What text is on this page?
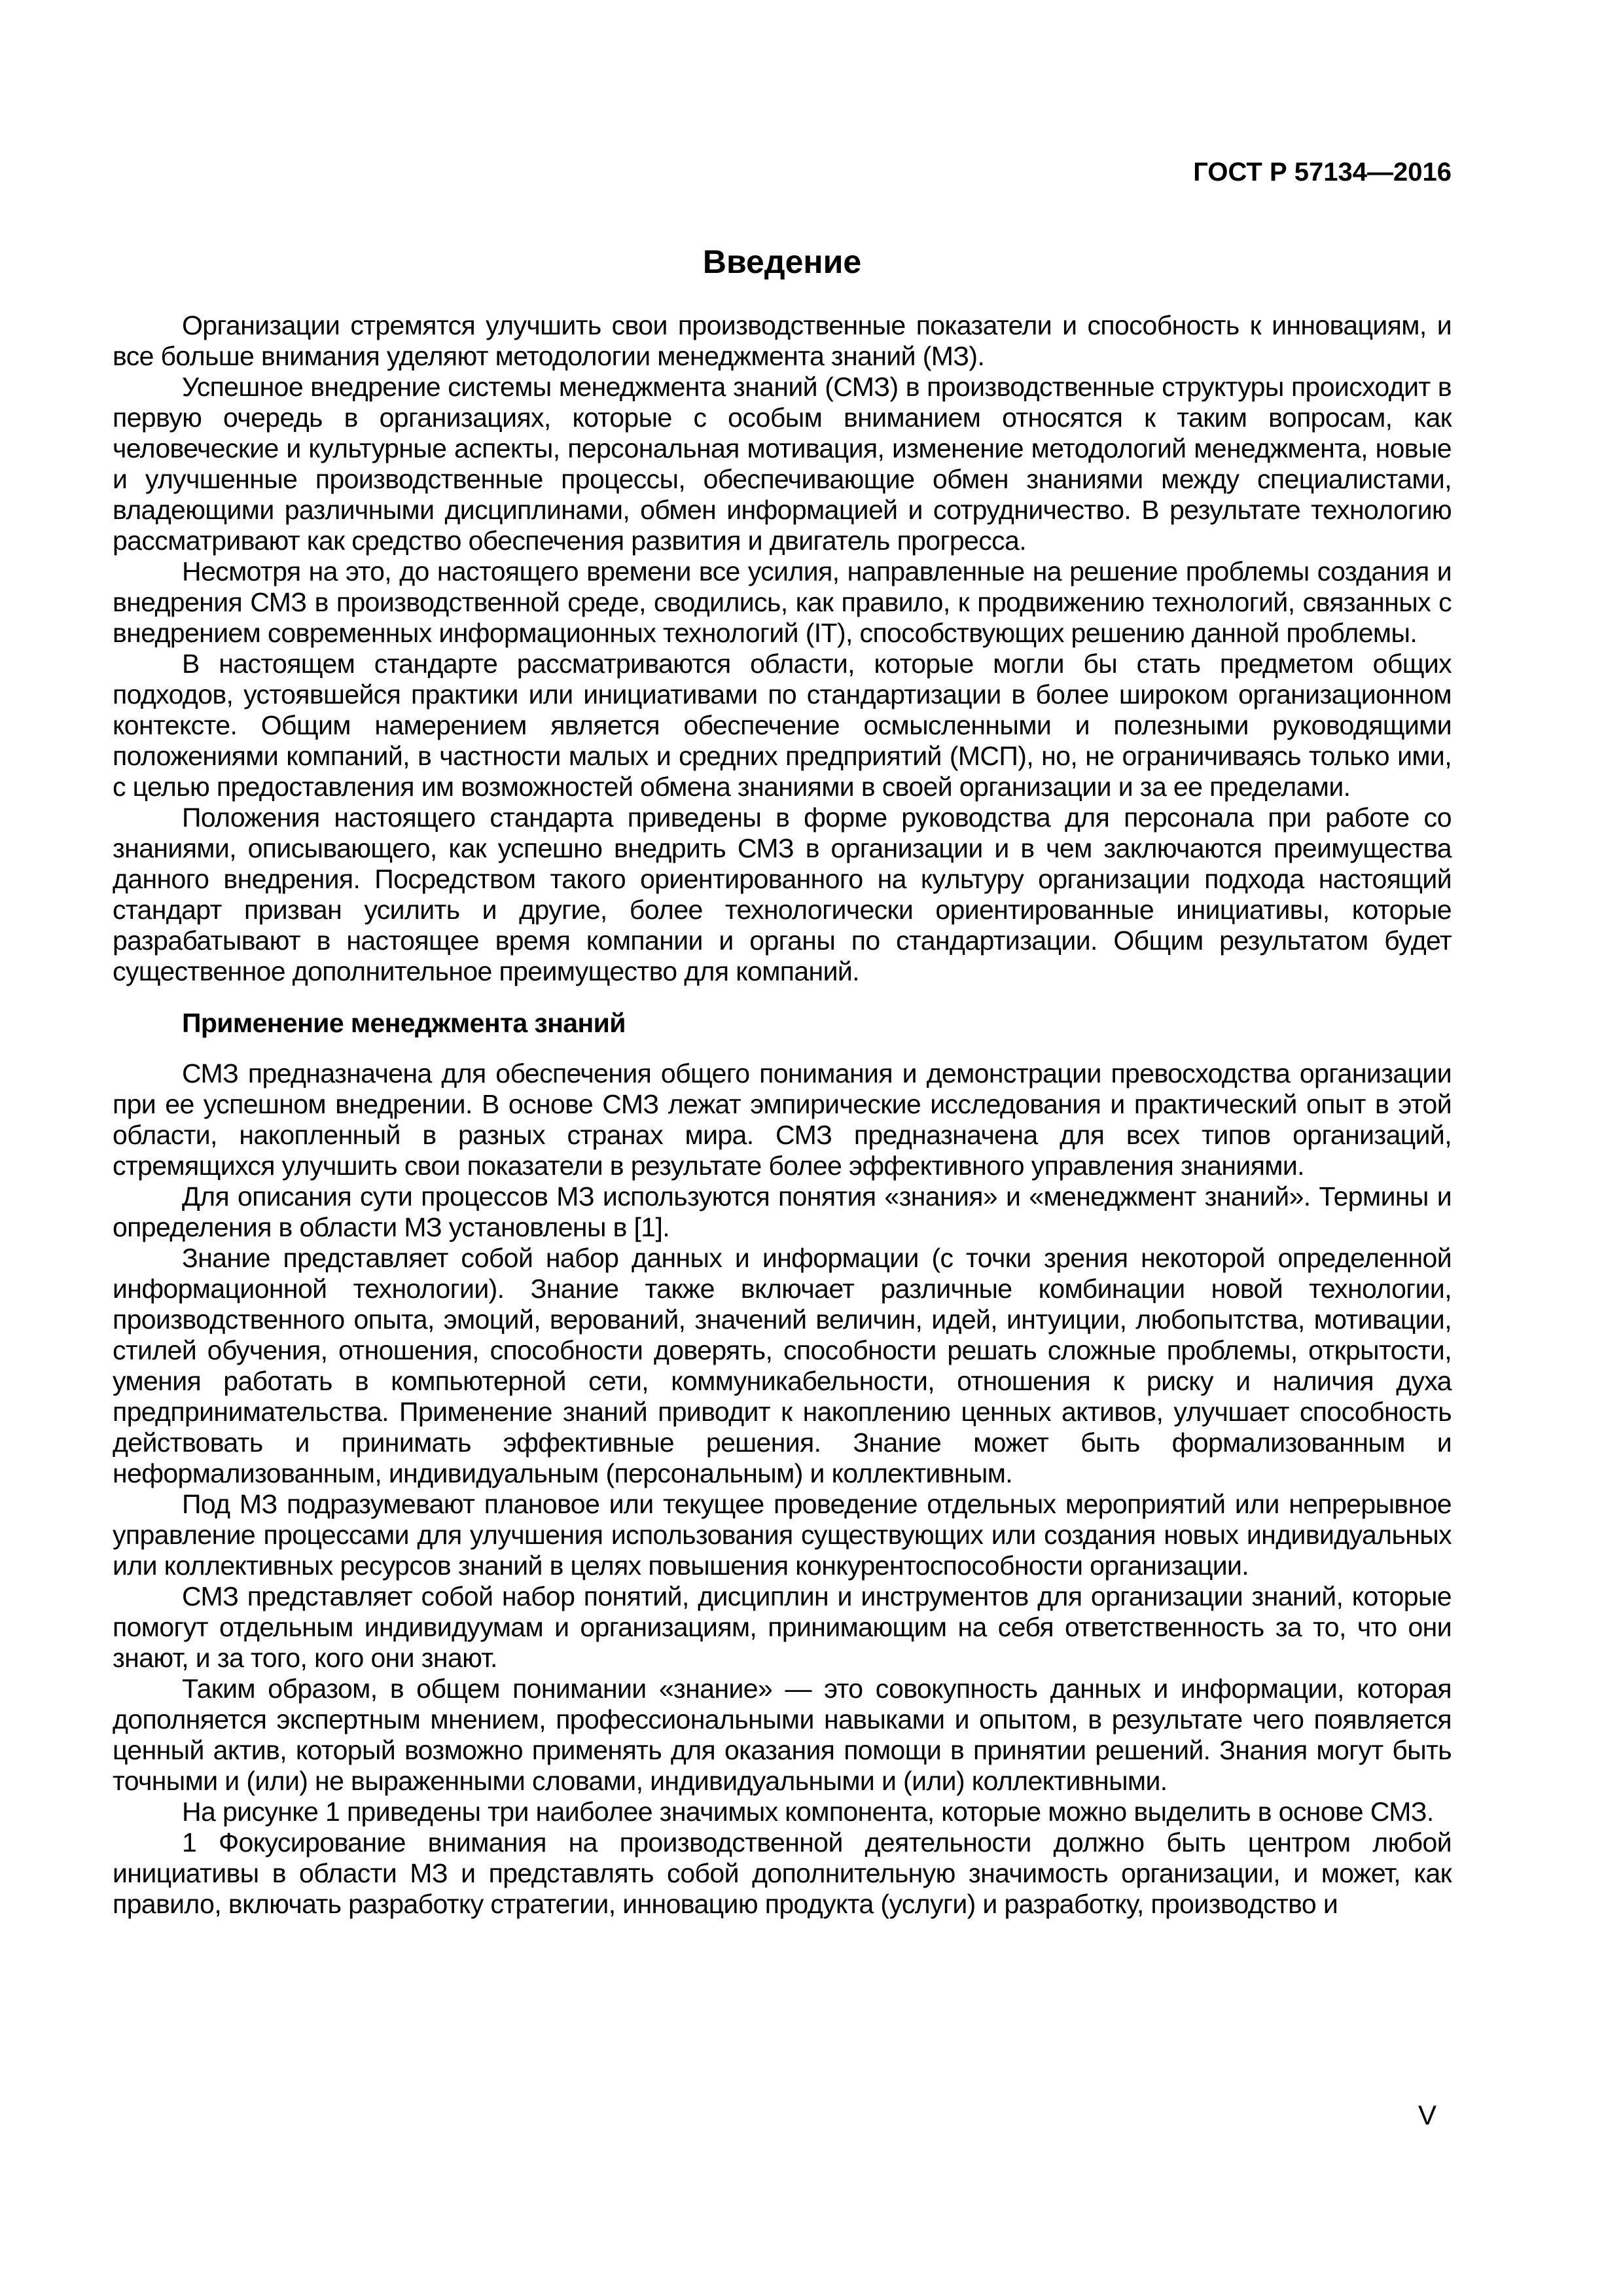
ГОСТ Р 57134—2016
Введение

Организации стремятся улучшить свои производственные показатели и способность к инновациям, и все больше внимания уделяют методологии менеджмента знаний (МЗ).

Успешное внедрение системы менеджмента знаний (СМЗ) в производственные структуры происходит в первую очередь в организациях, которые с особым вниманием относятся к таким вопросам, как человеческие и культурные аспекты, персональная мотивация, изменение методологий менеджмента, новые и улучшенные производственные процессы, обеспечивающие обмен знаниями между специалистами, владеющими различными дисциплинами, обмен информацией и сотрудничество. В результате технологию рассматривают как средство обеспечения развития и двигатель прогресса.

Несмотря на это, до настоящего времени все усилия, направленные на решение проблемы создания и внедрения СМЗ в производственной среде, сводились, как правило, к продвижению технологий, связанных с внедрением современных информационных технологий (IT), способствующих решению данной проблемы.

В настоящем стандарте рассматриваются области, которые могли бы стать предметом общих подходов, устоявшейся практики или инициативами по стандартизации в более широком организационном контексте. Общим намерением является обеспечение осмысленными и полезными руководящими положениями компаний, в частности малых и средних предприятий (МСП), но, не ограничиваясь только ими, с целью предоставления им возможностей обмена знаниями в своей организации и за ее пределами.

Положения настоящего стандарта приведены в форме руководства для персонала при работе со знаниями, описывающего, как успешно внедрить СМЗ в организации и в чем заключаются преимущества данного внедрения. Посредством такого ориентированного на культуру организации подхода настоящий стандарт призван усилить и другие, более технологически ориентированные инициативы, которые разрабатывают в настоящее время компании и органы по стандартизации. Общим результатом будет существенное дополнительное преимущество для компаний.

Применение менеджмента знаний

СМЗ предназначена для обеспечения общего понимания и демонстрации превосходства организации при ее успешном внедрении. В основе СМЗ лежат эмпирические исследования и практический опыт в этой области, накопленный в разных странах мира. СМЗ предназначена для всех типов организаций, стремящихся улучшить свои показатели в результате более эффективного управления знаниями.

Для описания сути процессов МЗ используются понятия «знания» и «менеджмент знаний». Термины и определения в области МЗ установлены в [1].

Знание представляет собой набор данных и информации (с точки зрения некоторой определенной информационной технологии). Знание также включает различные комбинации новой технологии, производственного опыта, эмоций, верований, значений величин, идей, интуиции, любопытства, мотивации, стилей обучения, отношения, способности доверять, способности решать сложные проблемы, открытости, умения работать в компьютерной сети, коммуникабельности, отношения к риску и наличия духа предпринимательства. Применение знаний приводит к накоплению ценных активов, улучшает способность действовать и принимать эффективные решения. Знание может быть формализованным и неформализованным, индивидуальным (персональным) и коллективным.

Под МЗ подразумевают плановое или текущее проведение отдельных мероприятий или непрерывное управление процессами для улучшения использования существующих или создания новых индивидуальных или коллективных ресурсов знаний в целях повышения конкурентоспособности организации.

СМЗ представляет собой набор понятий, дисциплин и инструментов для организации знаний, которые помогут отдельным индивидуумам и организациям, принимающим на себя ответственность за то, что они знают, и за того, кого они знают.

Таким образом, в общем понимании «знание» — это совокупность данных и информации, которая дополняется экспертным мнением, профессиональными навыками и опытом, в результате чего появляется ценный актив, который возможно применять для оказания помощи в принятии решений. Знания могут быть точными и (или) не выраженными словами, индивидуальными и (или) коллективными.

На рисунке 1 приведены три наиболее значимых компонента, которые можно выделить в основе СМЗ.

1 Фокусирование внимания на производственной деятельности должно быть центром любой инициативы в области МЗ и представлять собой дополнительную значимость организации, и может, как правило, включать разработку стратегии, инновацию продукта (услуги) и разработку, производство и

V
